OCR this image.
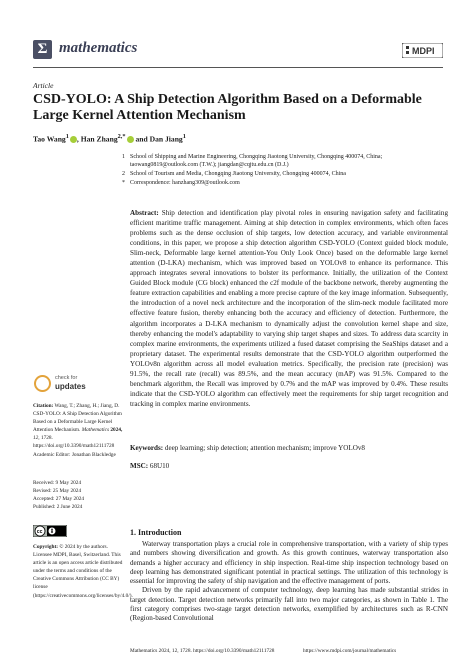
Σ mathematics	MDPI
Article
CSD-YOLO: A Ship Detection Algorithm Based on a Deformable Large Kernel Attention Mechanism
Tao Wang$^1$ , Han Zhang$^{2,*}$ and Dan Jiang$^1$
1 School of Shipping and Marine Engineering, Chongqing Jiaotong University, Chongqing 400074, China;
taowang0819@outlook.com (T.W.); jiangdan@cqjtu.edu.cn (D.J.)
2 School of Tourism and Media, Chongqing Jiaotong University, Chongqing 400074, China
* Correspondence: hanzhang309@outlook.com
Abstract: Ship detection and identification play pivotal roles in ensuring navigation safety and facilitating efficient maritime traffic management. Aiming at ship detection in complex environments, which often faces problems such as the dense occlusion of ship targets, low detection accuracy, and variable environmental conditions, in this paper, we propose a ship detection algorithm CSD-YOLO (Context guided block module, Slim-neck, Deformable large kernel attention-You Only Look Once) based on the deformable large kernel attention (D-LKA) mechanism, which was improved based on YOLOv8 to enhance its performance. This approach integrates several innovations to bolster its performance. Initially, the utilization of the Context Guided Block module (CG block) enhanced the c2f module of the backbone network, thereby augmenting the feature extraction capabilities and enabling a more precise capture of the key image information. Subsequently, the introduction of a novel neck architecture and the incorporation of the slim-neck module facilitated more effective feature fusion, thereby enhancing both the accuracy and efficiency of detection. Furthermore, the algorithm incorporates a D-LKA mechanism to dynamically adjust the convolution kernel shape and size, thereby enhancing the model's adaptability to varying ship target shapes and sizes. To address data scarcity in complex marine environments, the experiments utilized a fused dataset comprising the SeaShips dataset and a proprietary dataset. The experimental results demonstrate that the CSD-YOLO algorithm outperformed the YOLOv8n algorithm across all model evaluation metrics. Specifically, the precision rate (precision) was 91.5%, the recall rate (recall) was 89.5%, and the mean accuracy (mAP) was 91.5%. Compared to the benchmark algorithm, the Recall was improved by 0.7% and the mAP was improved by 0.4%. These results indicate that the CSD-YOLO algorithm can effectively meet the requirements for ship target recognition and tracking in complex marine environments.
Keywords: deep learning; ship detection; attention mechanism; improve YOLOv8
MSC: 68U10
check for
updates
Citation: Wang, T.; Zhang, H.; Jiang, D. CSD-YOLO: A Ship Detection Algorithm Based on a Deformable Large Kernel Attention Mechanism. Mathematics 2024, 12, 1728. https://doi.org/10.3390/math12111728
Academic Editor: Jonathan Blackledge
Received: 9 May 2024
Revised: 25 May 2024
Accepted: 27 May 2024
Published: 2 June 2024
cc
Copyright: © 2024 by the authors. Licensee MDPI, Basel, Switzerland. This article is an open access article distributed under the terms and conditions of the Creative Commons Attribution (CC BY) license (https://creativecommons.org/licenses/by/4.0/).
1. Introduction
Waterway transportation plays a crucial role in comprehensive transportation, with a variety of ship types and numbers showing diversification and growth. As this growth continues, waterway transportation also demands a higher accuracy and efficiency in ship inspection. Real-time ship inspection technology based on deep learning has demonstrated significant potential in practical settings. The utilization of this technology is essential for improving the safety of ship navigation and the effective management of ports.
Driven by the rapid advancement of computer technology, deep learning has made substantial strides in target detection. Target detection networks primarily fall into two major categories, as shown in Table 1. The first category comprises two-stage target detection networks, exemplified by architectures such as R-CNN (Region-based Convolutional
Mathematics 2024, 12, 1728. https://doi.org/10.3390/math12111728	https://www.mdpi.com/journal/mathematics
